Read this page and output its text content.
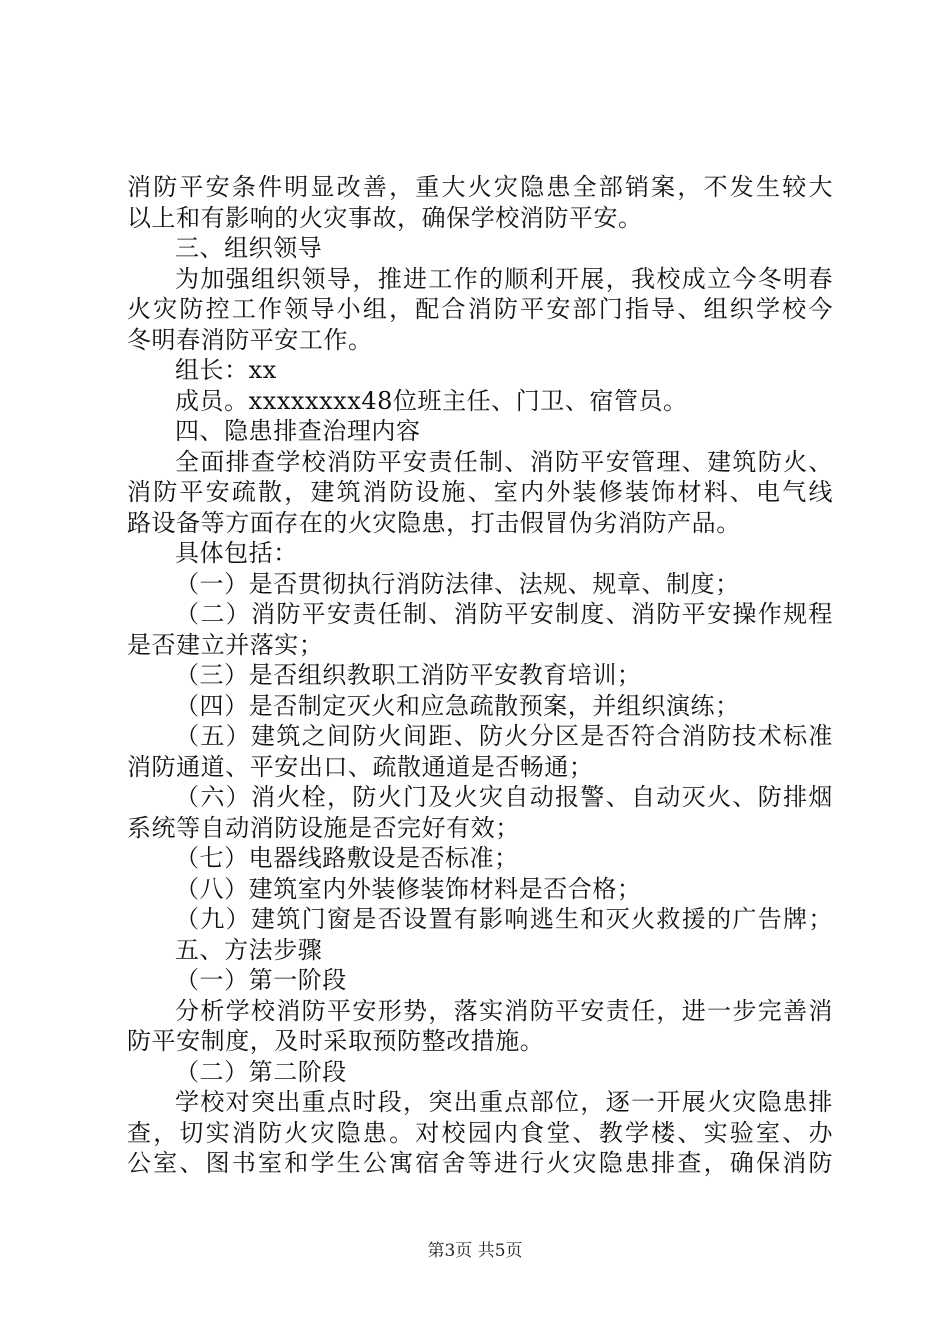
消防平安条件明显改善，重大火灾隐患全部销案，不发生较大
以上和有影响的火灾事故，确保学校消防平安。
三、组织领导
为加强组织领导，推进工作的顺利开展，我校成立今冬明春
火灾防控工作领导小组，配合消防平安部门指导、组织学校今
冬明春消防平安工作。
组长：xx
成员。xxxxxxxx48位班主任、门卫、宿管员。
四、隐患排查治理内容
全面排查学校消防平安责任制、消防平安管理、建筑防火、
消防平安疏散，建筑消防设施、室内外装修装饰材料、电气线
路设备等方面存在的火灾隐患，打击假冒伪劣消防产品。
具体包括：
（一）是否贯彻执行消防法律、法规、规章、制度；
（二）消防平安责任制、消防平安制度、消防平安操作规程
是否建立并落实；
（三）是否组织教职工消防平安教育培训；
（四）是否制定灭火和应急疏散预案，并组织演练；
（五）建筑之间防火间距、防火分区是否符合消防技术标准
消防通道、平安出口、疏散通道是否畅通；
（六）消火栓，防火门及火灾自动报警、自动灭火、防排烟
系统等自动消防设施是否完好有效；
（七）电器线路敷设是否标准；
（八）建筑室内外装修装饰材料是否合格；
（九）建筑门窗是否设置有影响逃生和灭火救援的广告牌；
五、方法步骤
（一）第一阶段
分析学校消防平安形势，落实消防平安责任，进一步完善消
防平安制度，及时采取预防整改措施。
（二）第二阶段
学校对突出重点时段，突出重点部位，逐一开展火灾隐患排
查，切实消防火灾隐患。对校园内食堂、教学楼、实验室、办
公室、图书室和学生公寓宿舍等进行火灾隐患排查，确保消防
第3页 共5页
